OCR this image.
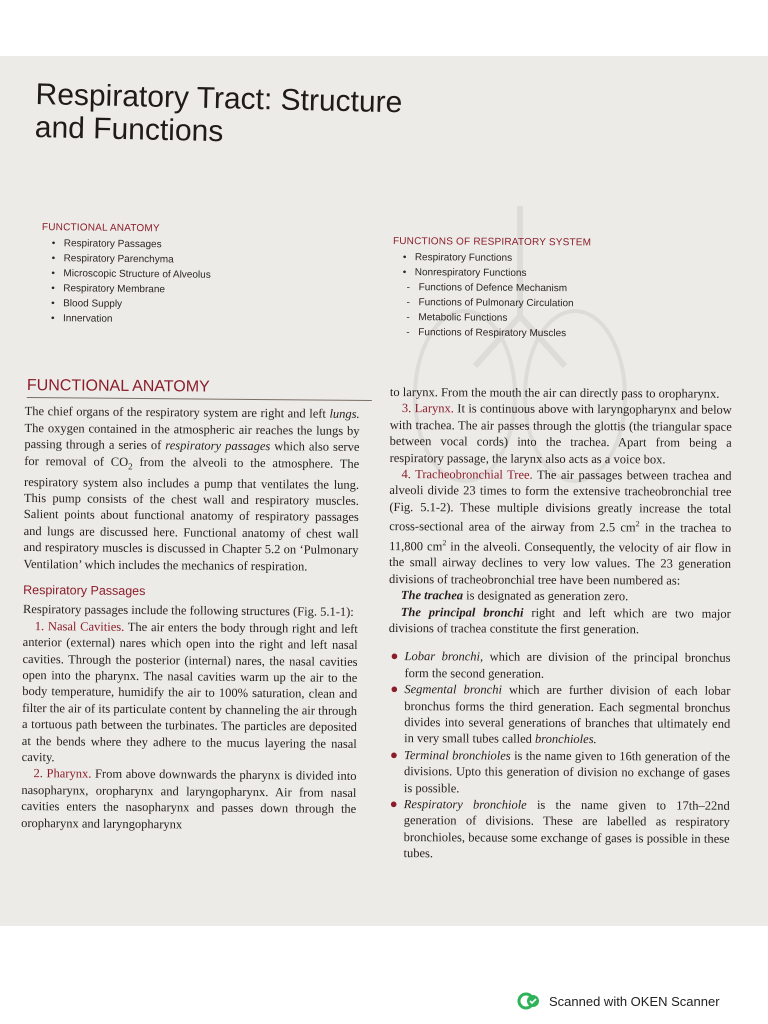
Respiratory Tract: Structure
and Functions
FUNCTIONAL ANATOMY
• Respiratory Passages
• Respiratory Parenchyma
• Microscopic Structure of Alveolus
• Respiratory Membrane
• Blood Supply
• Innervation
FUNCTIONS OF RESPIRATORY SYSTEM
• Respiratory Functions
• Nonrespiratory Functions
- Functions of Defence Mechanism
- Functions of Pulmonary Circulation
- Metabolic Functions
- Functions of Respiratory Muscles
FUNCTIONAL ANATOMY

The chief organs of the respiratory system are right and left lungs. The oxygen contained in the atmospheric air reaches the lungs by passing through a series of respiratory passages which also serve for removal of $CO_2$ from the alveoli to the atmosphere. The respiratory system also includes a pump that ventilates the lung. This pump consists of the chest wall and respiratory muscles. Salient points about functional anatomy of respiratory passages and lungs are discussed here. Functional anatomy of chest wall and respiratory muscles is discussed in Chapter 5.2 on ‘Pulmonary Ventilation’ which includes the mechanics of respiration.

Respiratory Passages

Respiratory passages include the following structures (Fig. 5.1-1):

1. Nasal Cavities. The air enters the body through right and left anterior (external) nares which open into the right and left nasal cavities. Through the posterior (internal) nares, the nasal cavities open into the pharynx. The nasal cavities warm up the air to the body temperature, humidify the air to 100% saturation, clean and filter the air of its particulate content by channeling the air through a tortuous path between the turbinates. The particles are deposited at the bends where they adhere to the mucus layering the nasal cavity.

2. Pharynx. From above downwards the pharynx is divided into nasopharynx, oropharynx and laryngopharynx. Air from nasal cavities enters the nasopharynx and passes down through the oropharynx and laryngopharynx

to larynx. From the mouth the air can directly pass to oropharynx.

3. Larynx. It is continuous above with laryngopharynx and below with trachea. The air passes through the glottis (the triangular space between vocal cords) into the trachea. Apart from being a respiratory passage, the larynx also acts as a voice box.

4. Tracheobronchial Tree. The air passages between trachea and alveoli divide 23 times to form the extensive tracheobronchial tree (Fig. 5.1-2). These multiple divisions greatly increase the total cross-sectional area of the airway from 2.5 $cm^2$ in the trachea to 11,800 $cm^2$ in the alveoli. Consequently, the velocity of air flow in the small airway declines to very low values. The 23 generation divisions of tracheobronchial tree have been numbered as:

The trachea is designated as generation zero.

The principal bronchi right and left which are two major divisions of trachea constitute the first generation.

● Lobar bronchi, which are division of the principal bronchus form the second generation.
● Segmental bronchi which are further division of each lobar bronchus forms the third generation. Each segmental bronchus divides into several generations of branches that ultimately end in very small tubes called bronchioles.
● Terminal bronchioles is the name given to 16th generation of the divisions. Upto this generation of division no exchange of gases is possible.
● Respiratory bronchiole is the name given to 17th–22nd generation of divisions. These are labelled as respiratory bronchioles, because some exchange of gases is possible in these tubes.
Scanned with OKEN Scanner
